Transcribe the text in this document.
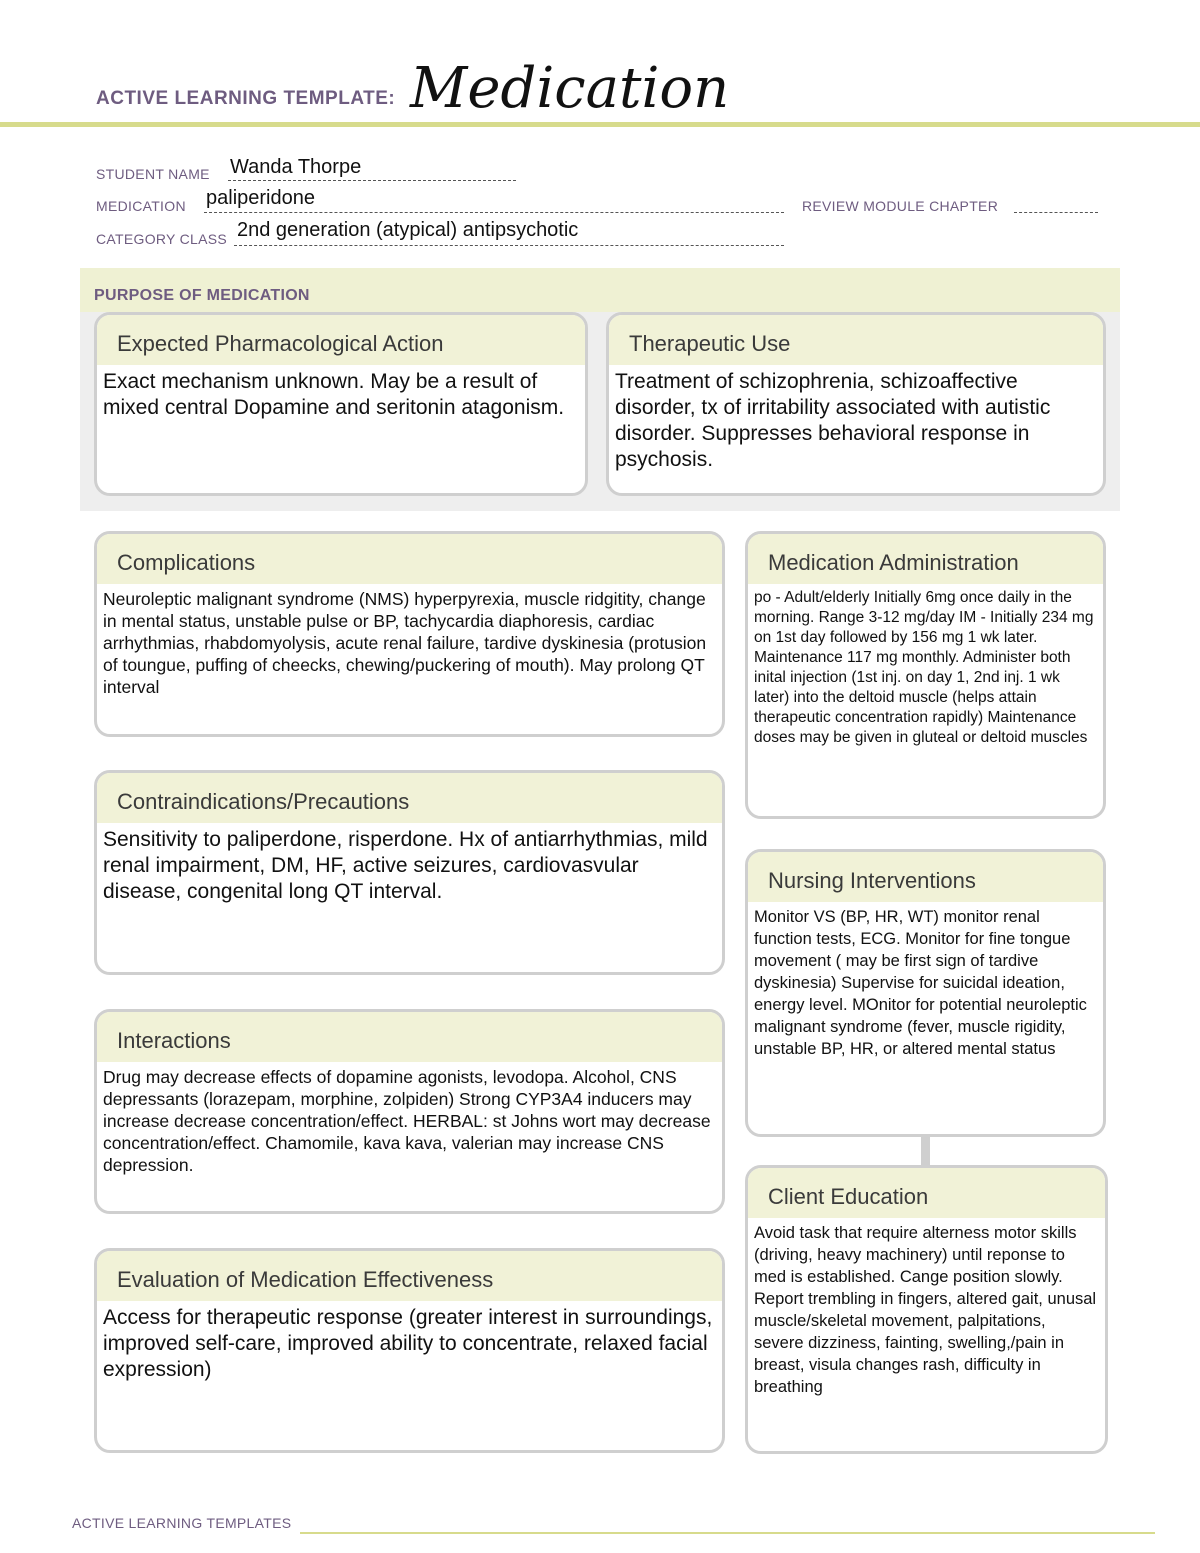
ACTIVE LEARNING TEMPLATE: Medication
STUDENT NAME Wanda Thorpe
MEDICATION paliperidone	REVIEW MODULE CHAPTER
CATEGORY CLASS 2nd generation (atypical) antipsychotic
PURPOSE OF MEDICATION
Expected Pharmacological Action
Exact mechanism unknown. May be a result of mixed central Dopamine and seritonin atagonism.
Therapeutic Use
Treatment of schizophrenia, schizoaffective disorder, tx of irritability associated with autistic disorder. Suppresses behavioral response in psychosis.
Complications
Neuroleptic malignant syndrome (NMS) hyperpyrexia, muscle ridgitity, change in mental status, unstable pulse or BP, tachycardia diaphoresis, cardiac arrhythmias, rhabdomyolysis, acute renal failure, tardive dyskinesia (protusion of toungue, puffing of cheecks, chewing/puckering of mouth). May prolong QT interval
Contraindications/Precautions
Sensitivity to paliperdone, risperdone. Hx of antiarrhythmias, mild renal impairment, DM, HF, active seizures, cardiovasvular disease, congenital long QT interval.
Interactions
Drug may decrease effects of dopamine agonists, levodopa. Alcohol, CNS depressants (lorazepam, morphine, zolpiden) Strong CYP3A4 inducers may increase decrease concentration/effect. HERBAL: st Johns wort may decrease concentration/effect. Chamomile, kava kava, valerian may increase CNS depression.
Evaluation of Medication Effectiveness
Access for therapeutic response (greater interest in surroundings, improved self-care, improved ability to concentrate, relaxed facial expression)
Medication Administration
po - Adult/elderly Initially 6mg once daily in the morning. Range 3-12 mg/day IM - Initially 234 mg on 1st day followed by 156 mg 1 wk later. Maintenance 117 mg monthly. Administer both inital injection (1st inj. on day 1, 2nd inj. 1 wk later) into the deltoid muscle (helps attain therapeutic concentration rapidly) Maintenance doses may be given in gluteal or deltoid muscles
Nursing Interventions
Monitor VS (BP, HR, WT) monitor renal function tests, ECG. Monitor for fine tongue movement ( may be first sign of tardive dyskinesia) Supervise for suicidal ideation, energy level. MOnitor for potential neuroleptic malignant syndrome (fever, muscle rigidity, unstable BP, HR, or altered mental status
Client Education
Avoid task that require alterness motor skills (driving, heavy machinery) until reponse to med is established. Cange position slowly. Report trembling in fingers, altered gait, unusal muscle/skeletal movement, palpitations, severe dizziness, fainting, swelling,/pain in breast, visula changes rash, difficulty in breathing
ACTIVE LEARNING TEMPLATES
